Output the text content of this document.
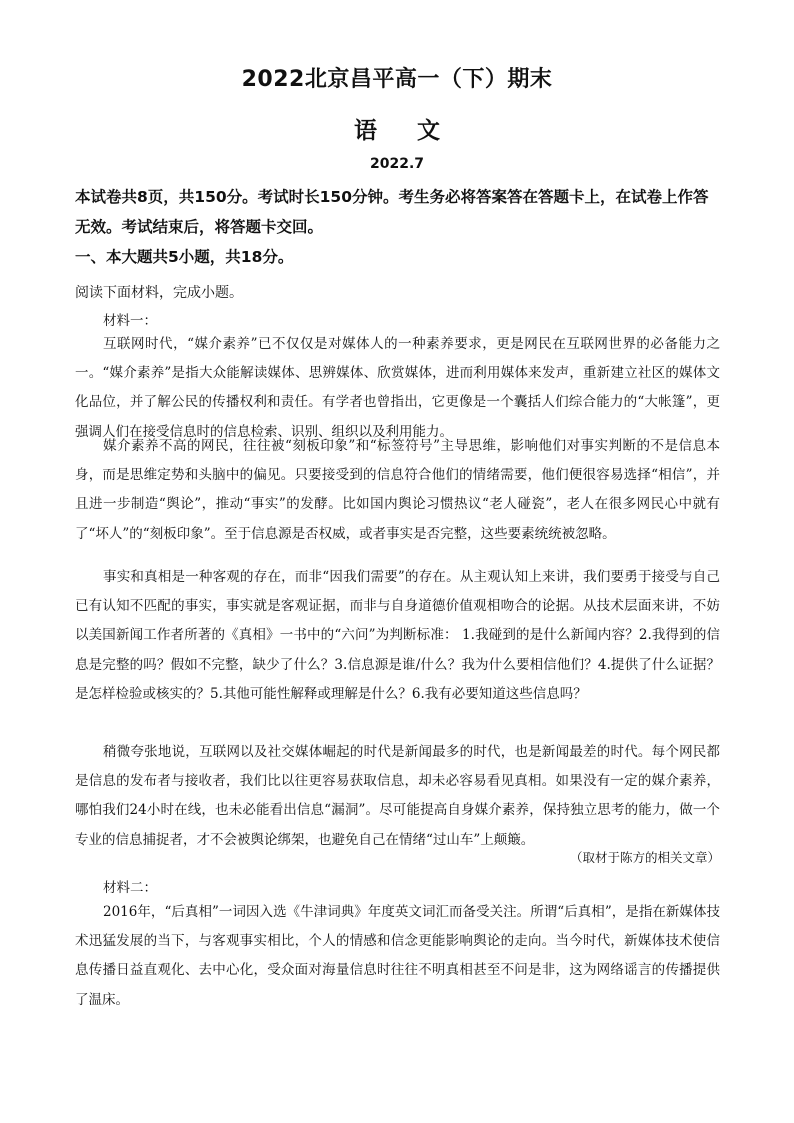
2022北京昌平高一（下）期末
语文
2022.7
本试卷共8页，共150分。考试时长150分钟。考生务必将答案答在答题卡上，在试卷上作答无效。考试结束后，将答题卡交回。
一、本大题共5小题，共18分。
阅读下面材料，完成小题。
材料一：
互联网时代，“媒介素养”已不仅仅是对媒体人的一种素养要求，更是网民在互联网世界的必备能力之一。“媒介素养”是指大众能解读媒体、思辨媒体、欣赏媒体，进而利用媒体来发声，重新建立社区的媒体文化品位，并了解公民的传播权利和责任。有学者也曾指出，它更像是一个囊括人们综合能力的“大帐篷”，更强调人们在接受信息时的信息检索、识别、组织以及利用能力。
媒介素养不高的网民，往往被“刻板印象”和“标签符号”主导思维，影响他们对事实判断的不是信息本身，而是思维定势和头脑中的偏见。只要接受到的信息符合他们的情绪需要，他们便很容易选择“相信”，并且进一步制造“舆论”，推动“事实”的发酵。比如国内舆论习惯热议“老人碰瓷”，老人在很多网民心中就有了“坏人”的“刻板印象”。至于信息源是否权威，或者事实是否完整，这些要素统统被忽略。
事实和真相是一种客观的存在，而非“因我们需要”的存在。从主观认知上来讲，我们要勇于接受与自己已有认知不匹配的事实，事实就是客观证据，而非与自身道德价值观相吻合的论据。从技术层面来讲，不妨以美国新闻工作者所著的《真相》一书中的“六问”为判断标准： 1.我碰到的是什么新闻内容？2.我得到的信息是完整的吗？假如不完整，缺少了什么？3.信息源是谁/什么？我为什么要相信他们？4.提供了什么证据？是怎样检验或核实的？5.其他可能性解释或理解是什么？6.我有必要知道这些信息吗？
稍微夸张地说，互联网以及社交媒体崛起的时代是新闻最多的时代，也是新闻最差的时代。每个网民都是信息的发布者与接收者，我们比以往更容易获取信息，却未必容易看见真相。如果没有一定的媒介素养，哪怕我们24小时在线，也未必能看出信息“漏洞”。尽可能提高自身媒介素养，保持独立思考的能力，做一个专业的信息捕捉者，才不会被舆论绑架，也避免自己在情绪“过山车”上颠簸。
（取材于陈方的相关文章）
材料二：
2016年，“后真相”一词因入选《牛津词典》年度英文词汇而备受关注。所谓“后真相”，是指在新媒体技术迅猛发展的当下，与客观事实相比，个人的情感和信念更能影响舆论的走向。当今时代，新媒体技术使信息传播日益直观化、去中心化，受众面对海量信息时往往不明真相甚至不问是非，这为网络谣言的传播提供了温床。
